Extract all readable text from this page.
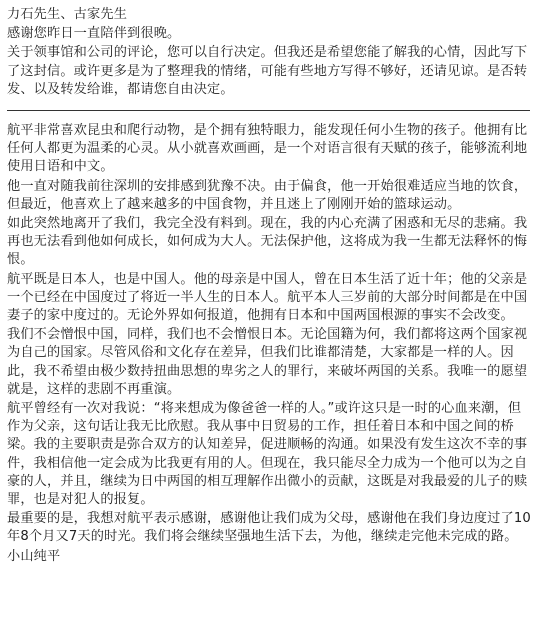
力石先生、古家先生

感谢您昨日一直陪伴到很晚。

关于领事馆和公司的评论，您可以自行决定。但我还是希望您能了解我的心情，因此写下了这封信。或许更多是为了整理我的情绪，可能有些地方写得不够好，还请见谅。是否转发、以及转发给谁，都请您自由决定。

航平非常喜欢昆虫和爬行动物，是个拥有独特眼力，能发现任何小生物的孩子。他拥有比任何人都更为温柔的心灵。从小就喜欢画画，是一个对语言很有天赋的孩子，能够流利地使用日语和中文。

他一直对随我前往深圳的安排感到犹豫不决。由于偏食，他一开始很难适应当地的饮食，但最近，他喜欢上了越来越多的中国食物，并且迷上了刚刚开始的篮球运动。

如此突然地离开了我们，我完全没有料到。现在，我的内心充满了困惑和无尽的悲痛。我再也无法看到他如何成长，如何成为大人。无法保护他，这将成为我一生都无法释怀的悔恨。

航平既是日本人，也是中国人。他的母亲是中国人，曾在日本生活了近十年；他的父亲是一个已经在中国度过了将近一半人生的日本人。航平本人三岁前的大部分时间都是在中国妻子的家中度过的。无论外界如何报道，他拥有日本和中国两国根源的事实不会改变。

我们不会憎恨中国，同样，我们也不会憎恨日本。无论国籍为何，我们都将这两个国家视为自己的国家。尽管风俗和文化存在差异，但我们比谁都清楚，大家都是一样的人。因此，我不希望由极少数持扭曲思想的卑劣之人的罪行，来破坏两国的关系。我唯一的愿望就是，这样的悲剧不再重演。

航平曾经有一次对我说：“将来想成为像爸爸一样的人。”或许这只是一时的心血来潮，但作为父亲，这句话让我无比欣慰。我从事中日贸易的工作，担任着日本和中国之间的桥梁。我的主要职责是弥合双方的认知差异，促进顺畅的沟通。如果没有发生这次不幸的事件，我相信他一定会成为比我更有用的人。但现在，我只能尽全力成为一个他可以为之自豪的人，并且，继续为日中两国的相互理解作出微小的贡献，这既是对我最爱的儿子的赎罪，也是对犯人的报复。

最重要的是，我想对航平表示感谢，感谢他让我们成为父母，感谢他在我们身边度过了10年8个月又7天的时光。我们将会继续坚强地生活下去，为他，继续走完他未完成的路。

小山纯平
